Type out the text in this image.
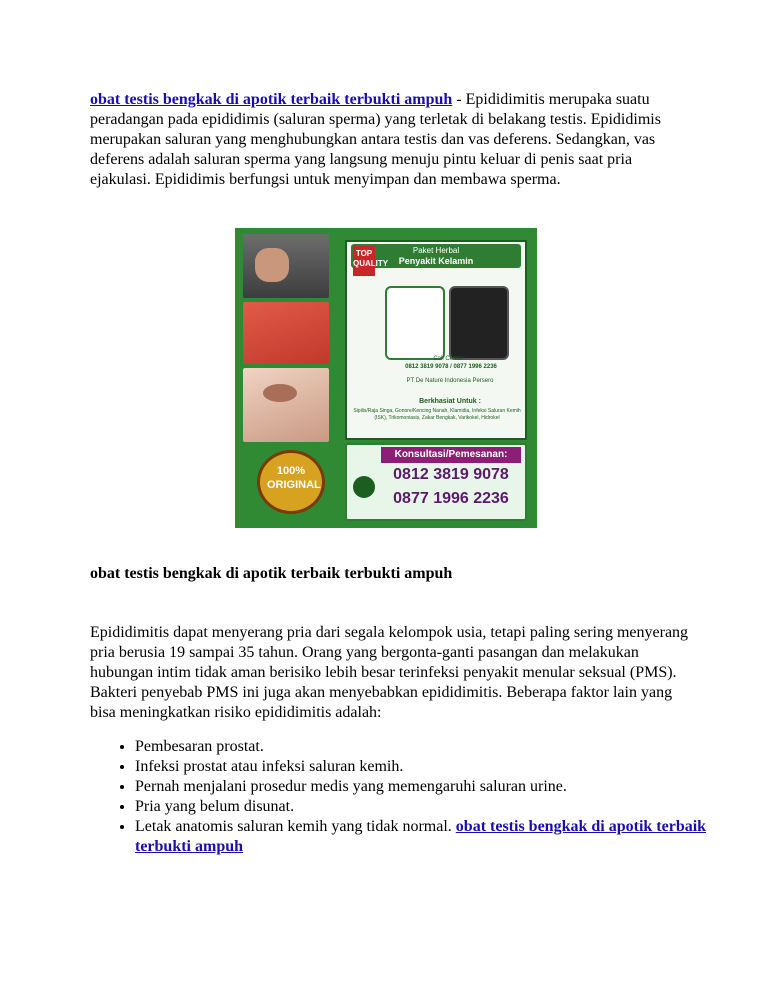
obat testis bengkak di apotik terbaik terbukti ampuh - Epididimitis merupaka suatu peradangan pada epididimis (saluran sperma) yang terletak di belakang testis. Epididimis merupakan saluran yang menghubungkan antara testis dan vas deferens. Sedangkan, vas deferens adalah saluran sperma yang langsung menuju pintu keluar di penis saat pria ejakulasi. Epididimis berfungsi untuk menyimpan dan membawa sperma.

Paket Herbal
Penyakit Kelamin
TOP QUALITY
Call Center :
0812 3819 9078 / 0877 1996 2236
PT De Nature Indonesia Persero
Berkhasiat Untuk :
Sipilis/Raja Singa, Gonore/Kencing Nanah, Klamidia, Infeksi Saluran Kemih (ISK), Trikomoniasis, Zakar Bengkak, Varikokel, Hidrokel
100%
ORIGINAL
Konsultasi/Pemesanan:
0812 3819 9078
0877 1996 2236
obat testis bengkak di apotik terbaik terbukti ampuh

Epididimitis dapat menyerang pria dari segala kelompok usia, tetapi paling sering menyerang pria berusia 19 sampai 35 tahun. Orang yang bergonta-ganti pasangan dan melakukan hubungan intim tidak aman berisiko lebih besar terinfeksi penyakit menular seksual (PMS). Bakteri penyebab PMS ini juga akan menyebabkan epididimitis. Beberapa faktor lain yang bisa meningkatkan risiko epididimitis adalah:

• Pembesaran prostat.
• Infeksi prostat atau infeksi saluran kemih.
• Pernah menjalani prosedur medis yang memengaruhi saluran urine.
• Pria yang belum disunat.
• Letak anatomis saluran kemih yang tidak normal. obat testis bengkak di apotik terbaik terbukti ampuh
